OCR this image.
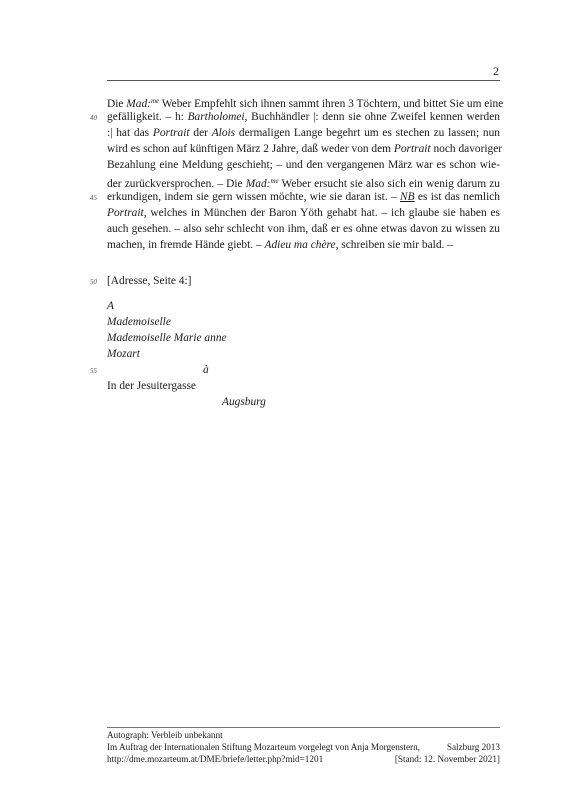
2
Die Mad:$^{me}$ Weber Empfehlt sich ihnen sammt ihren 3 Töchtern, und bittet Sie um eine
40 gefälligkeit. – h: Bartholomei, Buchhändler |: denn sie ohne Zweifel kennen werden
:| hat das Portrait der Alois dermaligen Lange begehrt um es stechen zu lassen; nun
wird es schon auf künftigen März 2 Jahre, daß weder von dem Portrait noch davoriger
Bezahlung eine Meldung geschieht; – und den vergangenen März war es schon wie-
der zurückversprochen. – Die Mad:$^{me}$ Weber ersucht sie also sich ein wenig darum zu
45 erkundigen, indem sie gern wissen möchte, wie sie daran ist. – NB es ist das nemlich
Portrait, welches in München der Baron Yöth gehabt hat. – ich glaube sie haben es
auch gesehen. – also sehr schlecht von ihm, daß er es ohne etwas davon zu wissen zu
machen, in fremde Hände giebt. – Adieu ma chère, schreiben sie mir bald. –
50 [Adresse, Seite 4:]
A
Mademoiselle
Mademoiselle Marie anne
Mozart
55	à
In der Jesuitergasse
Augsburg
Autograph: Verbleib unbekannt
Im Auftrag der Internationalen Stiftung Mozarteum vorgelegt von Anja Morgenstern,	Salzburg 2013
http://dme.mozarteum.at/DME/briefe/letter.php?mid=1201	[Stand: 12. November 2021]
